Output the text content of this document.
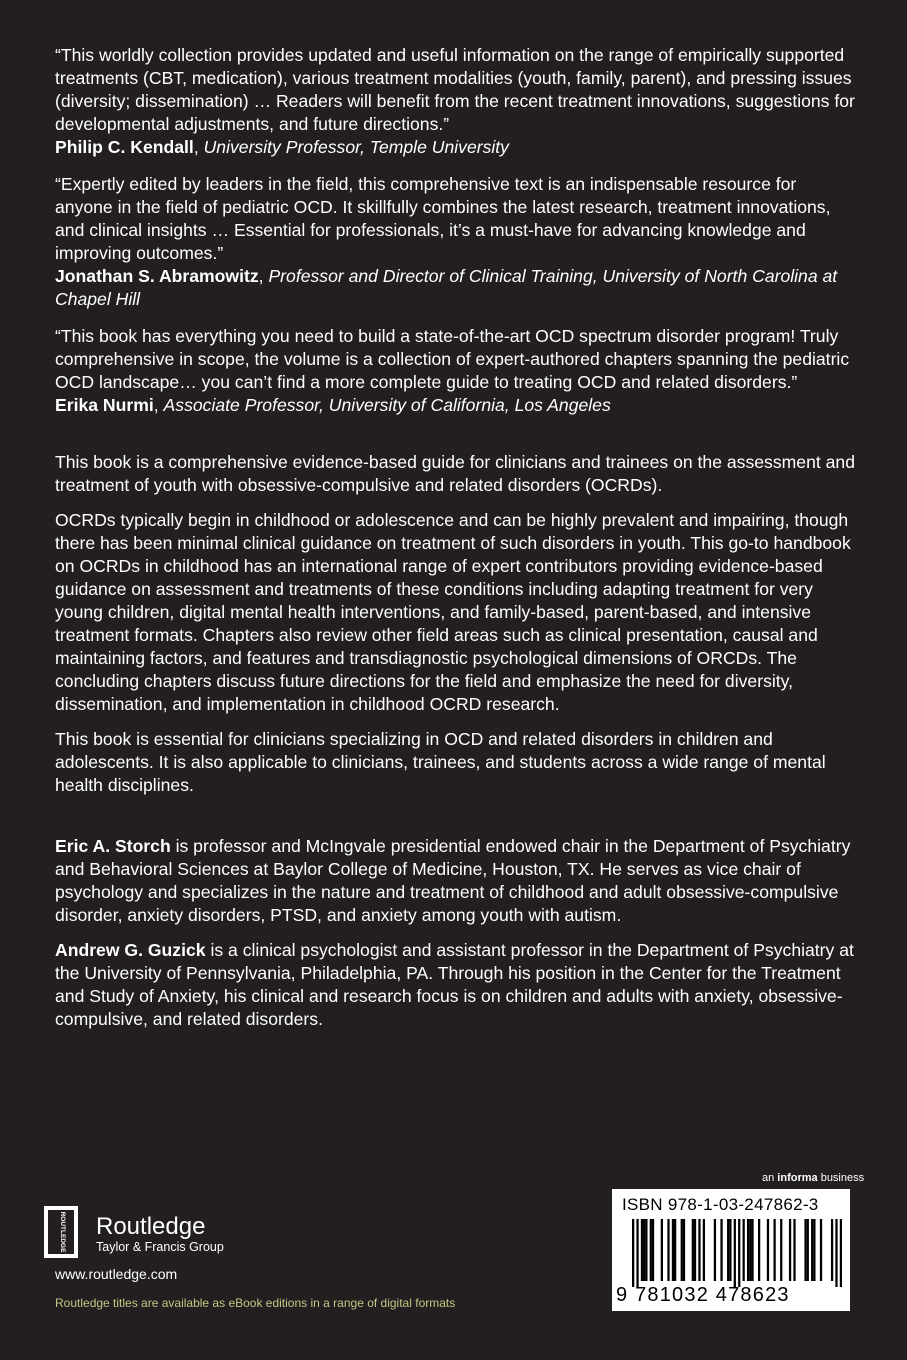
“This worldly collection provides updated and useful information on the range of empirically supported treatments (CBT, medication), various treatment modalities (youth, family, parent), and pressing issues (diversity; dissemination) … Readers will benefit from the recent treatment innovations, suggestions for developmental adjustments, and future directions.”

Philip C. Kendall, University Professor, Temple University

“Expertly edited by leaders in the field, this comprehensive text is an indispensable resource for anyone in the field of pediatric OCD. It skillfully combines the latest research, treatment innovations, and clinical insights … Essential for professionals, it’s a must-have for advancing knowledge and improving outcomes.”

Jonathan S. Abramowitz, Professor and Director of Clinical Training, University of North Carolina at Chapel Hill

“This book has everything you need to build a state-of-the-art OCD spectrum disorder program! Truly comprehensive in scope, the volume is a collection of expert-authored chapters spanning the pediatric OCD landscape… you can’t find a more complete guide to treating OCD and related disorders.”

Erika Nurmi, Associate Professor, University of California, Los Angeles

This book is a comprehensive evidence-based guide for clinicians and trainees on the assessment and treatment of youth with obsessive-compulsive and related disorders (OCRDs).

OCRDs typically begin in childhood or adolescence and can be highly prevalent and impairing, though there has been minimal clinical guidance on treatment of such disorders in youth. This go-to handbook on OCRDs in childhood has an international range of expert contributors providing evidence-based guidance on assessment and treatments of these conditions including adapting treatment for very young children, digital mental health interventions, and family-based, parent-based, and intensive treatment formats. Chapters also review other field areas such as clinical presentation, causal and maintaining factors, and features and transdiagnostic psychological dimensions of ORCDs. The concluding chapters discuss future directions for the field and emphasize the need for diversity, dissemination, and implementation in childhood OCRD research.

This book is essential for clinicians specializing in OCD and related disorders in children and adolescents. It is also applicable to clinicians, trainees, and students across a wide range of mental health disciplines.

Eric A. Storch is professor and McIngvale presidential endowed chair in the Department of Psychiatry and Behavioral Sciences at Baylor College of Medicine, Houston, TX. He serves as vice chair of psychology and specializes in the nature and treatment of childhood and adult obsessive-compulsive disorder, anxiety disorders, PTSD, and anxiety among youth with autism.

Andrew G. Guzick is a clinical psychologist and assistant professor in the Department of Psychiatry at the University of Pennsylvania, Philadelphia, PA. Through his position in the Center for the Treatment and Study of Anxiety, his clinical and research focus is on children and adults with anxiety, obsessive-compulsive, and related disorders.

an informa business
ISBN 978-1-03-247862-3
9 781032 478623
ROUTLEDGE Routledge
Taylor & Francis Group
www.routledge.com
Routledge titles are available as eBook editions in a range of digital formats
